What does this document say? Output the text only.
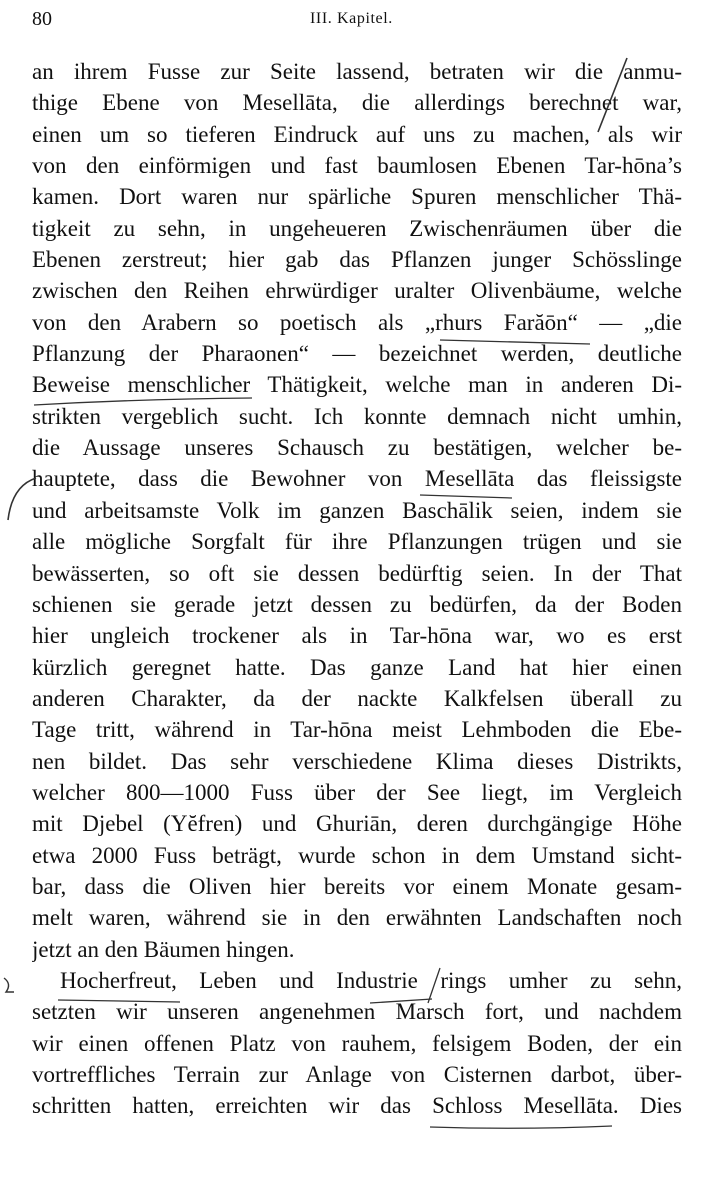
80	III. Kapitel.
an ihrem Fusse zur Seite lassend, betraten wir die anmu-
thige Ebene von Mesellāta, die allerdings berechnet war,
einen um so tieferen Eindruck auf uns zu machen, als wir
von den einförmigen und fast baumlosen Ebenen Tar-hōna’s
kamen. Dort waren nur spärliche Spuren menschlicher Thä-
tigkeit zu sehn, in ungeheueren Zwischenräumen über die
Ebenen zerstreut; hier gab das Pflanzen junger Schösslinge
zwischen den Reihen ehrwürdiger uralter Olivenbäume, welche
von den Arabern so poetisch als „rhurs Farăōn“ — „die
Pflanzung der Pharaonen“ — bezeichnet werden, deutliche
Beweise menschlicher Thätigkeit, welche man in anderen Di-
strikten vergeblich sucht. Ich konnte demnach nicht umhin,
die Aussage unseres Schausch zu bestätigen, welcher be-
hauptete, dass die Bewohner von Mesellāta das fleissigste
und arbeitsamste Volk im ganzen Baschālik seien, indem sie
alle mögliche Sorgfalt für ihre Pflanzungen trügen und sie
bewässerten, so oft sie dessen bedürftig seien. In der That
schienen sie gerade jetzt dessen zu bedürfen, da der Boden
hier ungleich trockener als in Tar-hōna war, wo es erst
kürzlich geregnet hatte. Das ganze Land hat hier einen
anderen Charakter, da der nackte Kalkfelsen überall zu
Tage tritt, während in Tar-hōna meist Lehmboden die Ebe-
nen bildet. Das sehr verschiedene Klima dieses Distrikts,
welcher 800—1000 Fuss über der See liegt, im Vergleich
mit Djebel (Yĕfren) und Ghuriān, deren durchgängige Höhe
etwa 2000 Fuss beträgt, wurde schon in dem Umstand sicht-
bar, dass die Oliven hier bereits vor einem Monate gesam-
melt waren, während sie in den erwähnten Landschaften noch
jetzt an den Bäumen hingen.
Hocherfreut, Leben und Industrie rings umher zu sehn,
setzten wir unseren angenehmen Marsch fort, und nachdem
wir einen offenen Platz von rauhem, felsigem Boden, der ein
vortreffliches Terrain zur Anlage von Cisternen darbot, über-
schritten hatten, erreichten wir das Schloss Mesellāta. Dies
